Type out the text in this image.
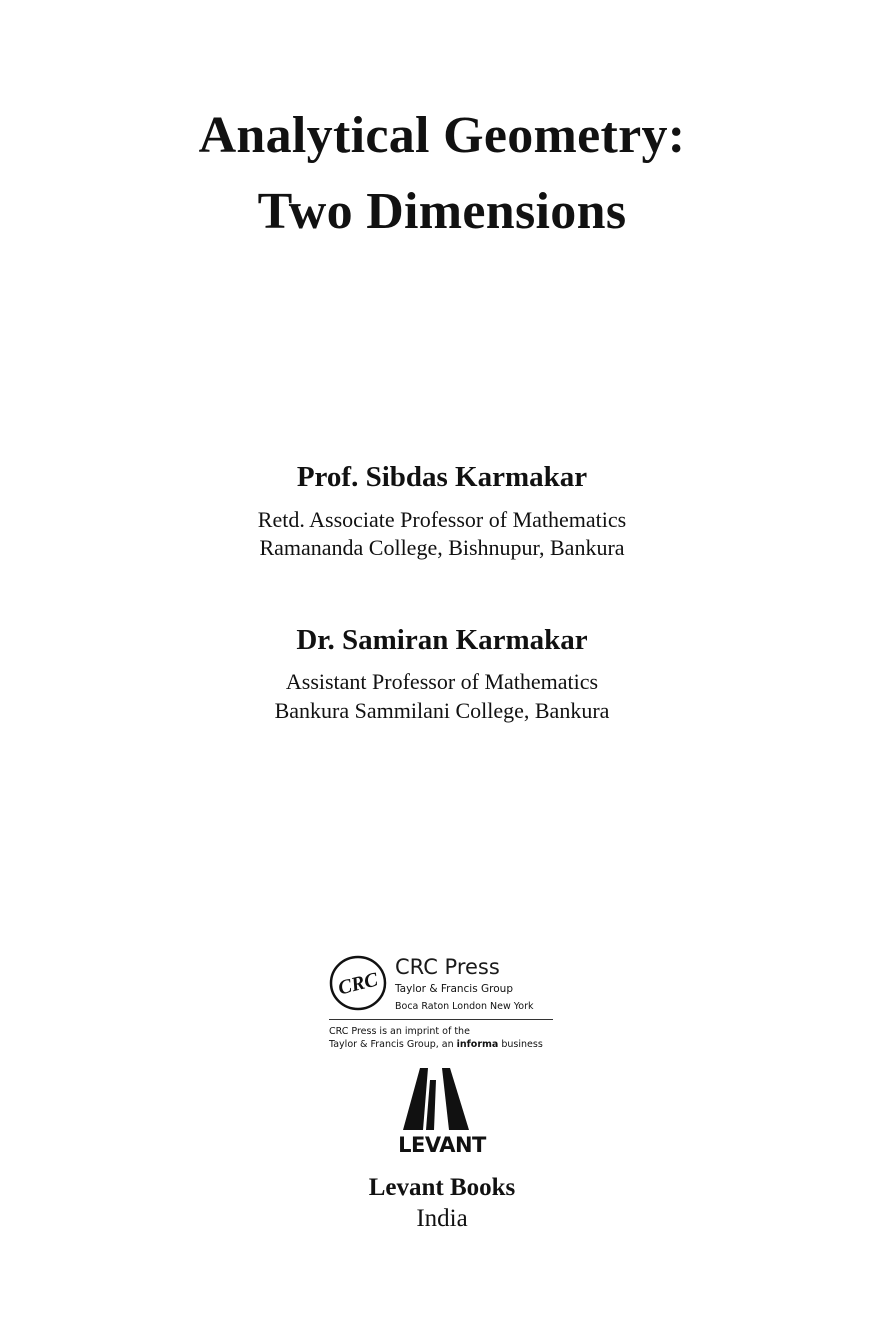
Analytical Geometry:
Two Dimensions
Prof. Sibdas Karmakar
Retd. Associate Professor of Mathematics
Ramananda College, Bishnupur, Bankura
Dr. Samiran Karmakar
Assistant Professor of Mathematics
Bankura Sammilani College, Bankura
CRC
CRC Press
Taylor & Francis Group
Boca Raton London New York
CRC Press is an imprint of the
Taylor & Francis Group, an informa business
LEVANT
Levant Books
India
